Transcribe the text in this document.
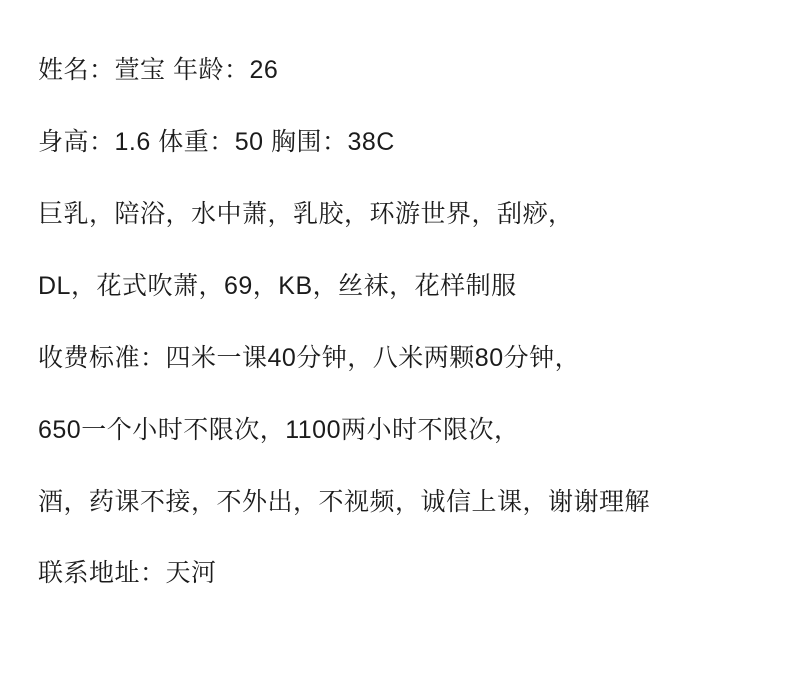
姓名：萱宝 年龄：26
身高：1.6 体重：50 胸围：38C
巨乳，陪浴，水中萧，乳胶，环游世界，刮痧，
DL，花式吹萧，69，KB，丝袜，花样制服
收费标准：四米一课40分钟，八米两颗80分钟，
650一个小时不限次，1100两小时不限次，
酒，药课不接，不外出，不视频，诚信上课，谢谢理解
联系地址：天河
